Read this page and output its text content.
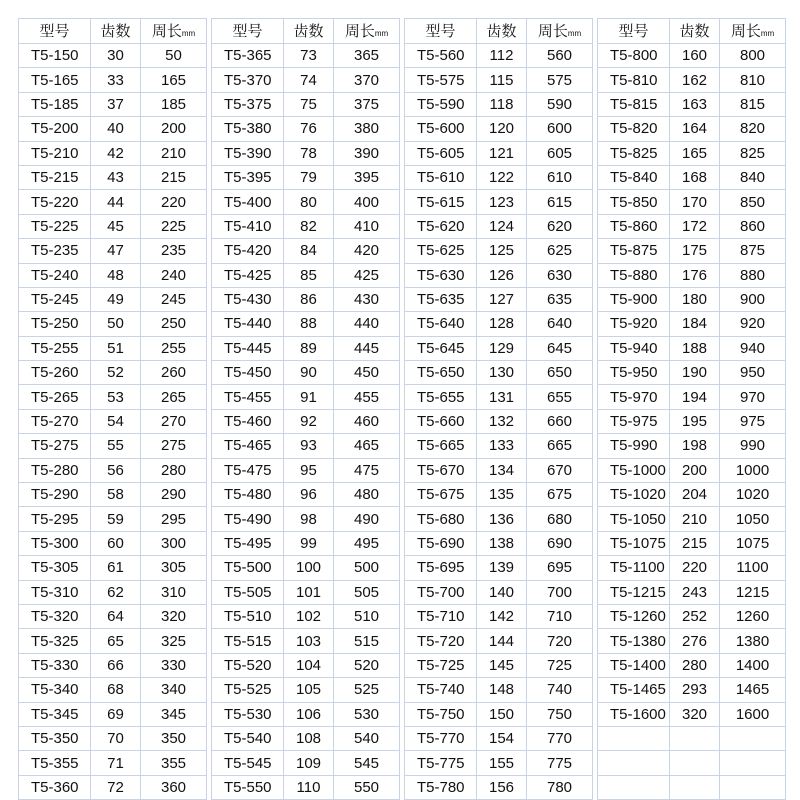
型号	齿数	周长mm
T5-150	30	50
T5-165	33	165
T5-185	37	185
T5-200	40	200
T5-210	42	210
T5-215	43	215
T5-220	44	220
T5-225	45	225
T5-235	47	235
T5-240	48	240
T5-245	49	245
T5-250	50	250
T5-255	51	255
T5-260	52	260
T5-265	53	265
T5-270	54	270
T5-275	55	275
T5-280	56	280
T5-290	58	290
T5-295	59	295
T5-300	60	300
T5-305	61	305
T5-310	62	310
T5-320	64	320
T5-325	65	325
T5-330	66	330
T5-340	68	340
T5-345	69	345
T5-350	70	350
T5-355	71	355
T5-360	72	360
型号	齿数	周长mm
T5-365	73	365
T5-370	74	370
T5-375	75	375
T5-380	76	380
T5-390	78	390
T5-395	79	395
T5-400	80	400
T5-410	82	410
T5-420	84	420
T5-425	85	425
T5-430	86	430
T5-440	88	440
T5-445	89	445
T5-450	90	450
T5-455	91	455
T5-460	92	460
T5-465	93	465
T5-475	95	475
T5-480	96	480
T5-490	98	490
T5-495	99	495
T5-500	100	500
T5-505	101	505
T5-510	102	510
T5-515	103	515
T5-520	104	520
T5-525	105	525
T5-530	106	530
T5-540	108	540
T5-545	109	545
T5-550	110	550
型号	齿数	周长mm
T5-560	112	560
T5-575	115	575
T5-590	118	590
T5-600	120	600
T5-605	121	605
T5-610	122	610
T5-615	123	615
T5-620	124	620
T5-625	125	625
T5-630	126	630
T5-635	127	635
T5-640	128	640
T5-645	129	645
T5-650	130	650
T5-655	131	655
T5-660	132	660
T5-665	133	665
T5-670	134	670
T5-675	135	675
T5-680	136	680
T5-690	138	690
T5-695	139	695
T5-700	140	700
T5-710	142	710
T5-720	144	720
T5-725	145	725
T5-740	148	740
T5-750	150	750
T5-770	154	770
T5-775	155	775
T5-780	156	780
型号	齿数	周长mm
T5-800	160	800
T5-810	162	810
T5-815	163	815
T5-820	164	820
T5-825	165	825
T5-840	168	840
T5-850	170	850
T5-860	172	860
T5-875	175	875
T5-880	176	880
T5-900	180	900
T5-920	184	920
T5-940	188	940
T5-950	190	950
T5-970	194	970
T5-975	195	975
T5-990	198	990
T5-1000	200	1000
T5-1020	204	1020
T5-1050	210	1050
T5-1075	215	1075
T5-1100	220	1100
T5-1215	243	1215
T5-1260	252	1260
T5-1380	276	1380
T5-1400	280	1400
T5-1465	293	1465
T5-1600	320	1600
